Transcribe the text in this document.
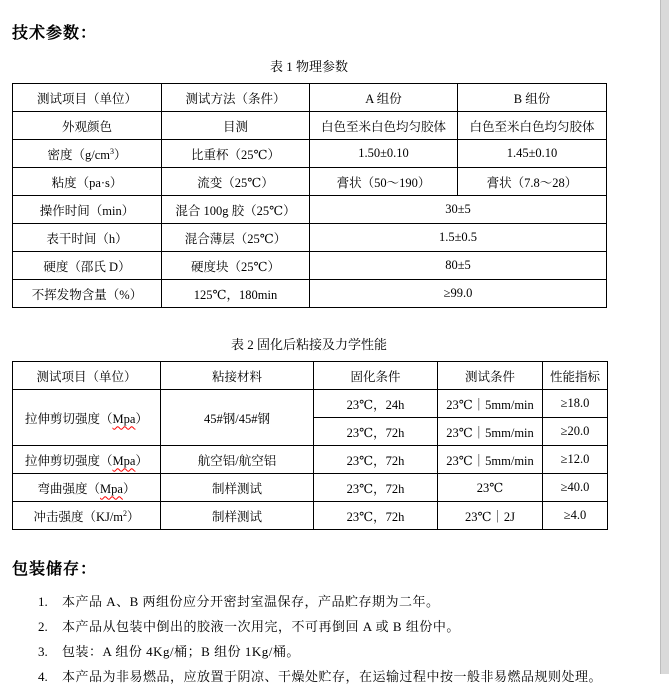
技术参数：
表 1 物理参数
测试项目（单位）	测试方法（条件）	A 组份	B 组份
外观颜色	目测	白色至米白色均匀胶体	白色至米白色均匀胶体
密度$(g/cm^3)$	比重杯（25℃）	1.50±0.10	1.45±0.10
粘度（pa·s）	流变（25℃）	膏状（50～190）	膏状（7.8～28）
操作时间（min）	混合 100g 胶（25℃）	30±5	
表干时间（h）	混合薄层（25℃）	1.5±0.5	
硬度（邵氏 D）	硬度块（25℃）	80±5	
不挥发物含量（%）	125℃，180min	≥99.0	
表 2 固化后粘接及力学性能
测试项目（单位）	粘接材料	固化条件	测试条件	性能指标
拉伸剪切强度（Mpa）	45#钢/45#钢	23℃，24h	23℃｜5mm/min	≥18.0
		23℃，72h	23℃｜5mm/min	≥20.0
拉伸剪切强度（Mpa）	航空铝/航空铝	23℃，72h	23℃｜5mm/min	≥12.0
弯曲强度（Mpa）	制样测试	23℃，72h	23℃	≥40.0
冲击强度$(KJ/m^2)$	制样测试	23℃，72h	23℃｜2J	≥4.0
包装储存：
1.	本产品 A、B 两组份应分开密封室温保存，产品贮存期为二年。
2.	本产品从包装中倒出的胶液一次用完，不可再倒回 A 或 B 组份中。
3.	包装：A 组份 4Kg/桶；B 组份 1Kg/桶。
4.	本产品为非易燃品，应放置于阴凉、干燥处贮存，在运输过程中按一般非易燃品规则处理。
